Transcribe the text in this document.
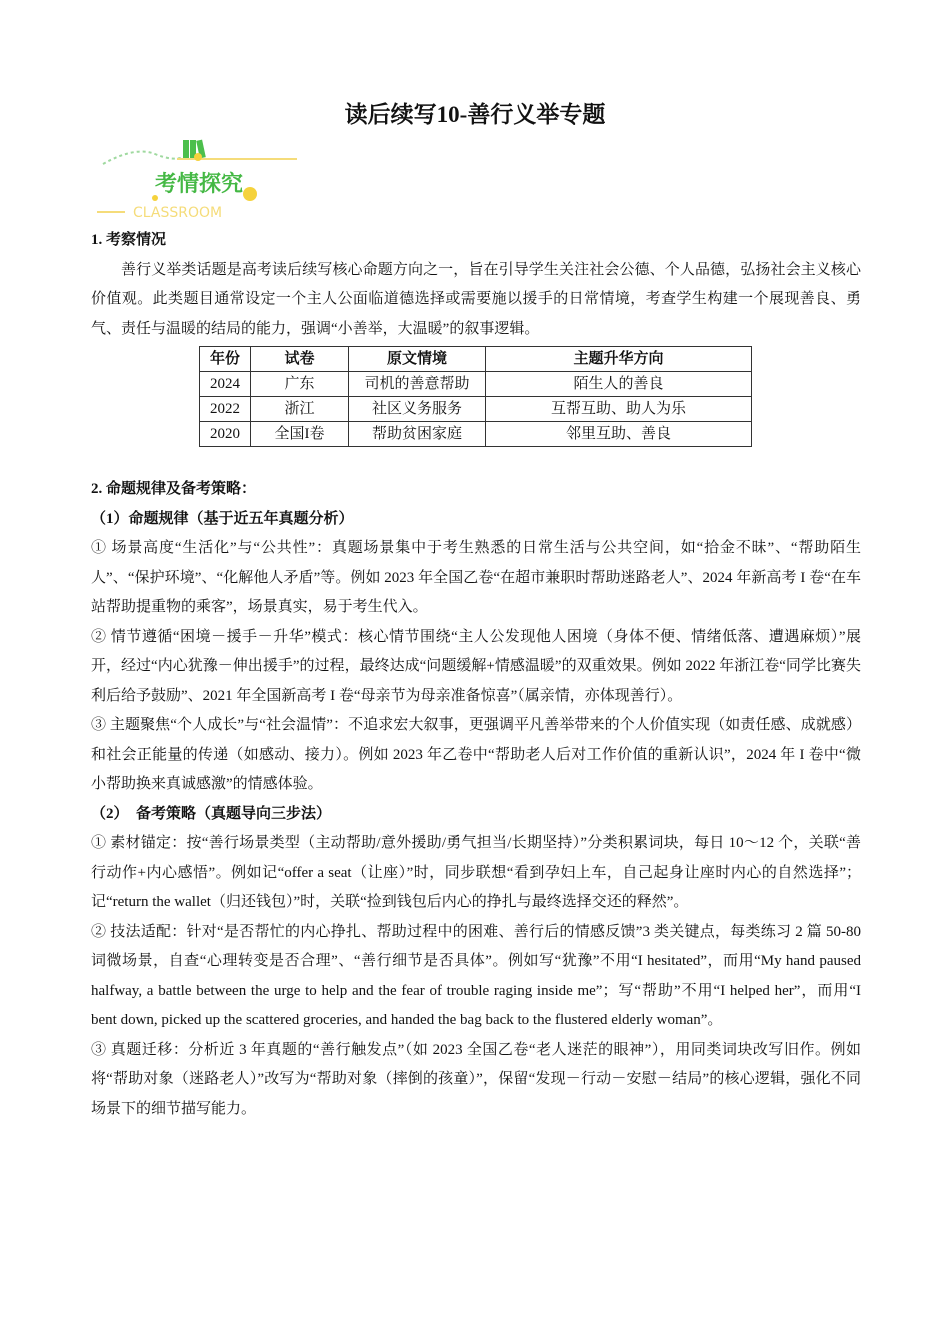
读后续写10-善行义举专题
考情探究
CLASSROOM

1. 考察情况

善行义举类话题是高考读后续写核心命题方向之一，旨在引导学生关注社会公德、个人品德，弘扬社会主义核心价值观。此类题目通常设定一个主人公面临道德选择或需要施以援手的日常情境，考查学生构建一个展现善良、勇气、责任与温暖的结局的能力，强调“小善举，大温暖”的叙事逻辑。

年份	试卷	原文情境	主题升华方向
2024	广东	司机的善意帮助	陌生人的善良
2022	浙江	社区义务服务	互帮互助、助人为乐
2020	全国I卷	帮助贫困家庭	邻里互助、善良

2. 命题规律及备考策略：

（1）命题规律（基于近五年真题分析）

① 场景高度“生活化”与“公共性”：真题场景集中于考生熟悉的日常生活与公共空间，如“拾金不昧”、“帮助陌生人”、“保护环境”、“化解他人矛盾”等。例如 2023 年全国乙卷“在超市兼职时帮助迷路老人”、2024 年新高考 I 卷“在车站帮助提重物的乘客”，场景真实，易于考生代入。

② 情节遵循“困境－援手－升华”模式：核心情节围绕“主人公发现他人困境（身体不便、情绪低落、遭遇麻烦）”展开，经过“内心犹豫－伸出援手”的过程，最终达成“问题缓解+情感温暖”的双重效果。例如 2022 年浙江卷“同学比赛失利后给予鼓励”、2021 年全国新高考 I 卷“母亲节为母亲准备惊喜”（属亲情，亦体现善行）。

③ 主题聚焦“个人成长”与“社会温情”：不追求宏大叙事，更强调平凡善举带来的个人价值实现（如责任感、成就感）和社会正能量的传递（如感动、接力）。例如 2023 年乙卷中“帮助老人后对工作价值的重新认识”，2024 年 I 卷中“微小帮助换来真诚感激”的情感体验。

（2）　备考策略（真题导向三步法）

① 素材锚定：按“善行场景类型（主动帮助/意外援助/勇气担当/长期坚持）”分类积累词块，每日 10～12 个，关联“善行动作+内心感悟”。例如记“offer a seat（让座）”时，同步联想“看到孕妇上车，自己起身让座时内心的自然选择”；记“return the wallet（归还钱包）”时，关联“捡到钱包后内心的挣扎与最终选择交还的释然”。

② 技法适配：针对“是否帮忙的内心挣扎、帮助过程中的困难、善行后的情感反馈”3 类关键点，每类练习 2 篇 50-80 词微场景，自查“心理转变是否合理”、“善行细节是否具体”。例如写“犹豫”不用“I hesitated”，而用“My hand paused halfway, a battle between the urge to help and the fear of trouble raging inside me”；写“帮助”不用“I helped her”，而用“I bent down, picked up the scattered groceries, and handed the bag back to the flustered elderly woman”。

③ 真题迁移：分析近 3 年真题的“善行触发点”（如 2023 全国乙卷“老人迷茫的眼神”），用同类词块改写旧作。例如将“帮助对象（迷路老人）”改写为“帮助对象（摔倒的孩童）”，保留“发现－行动－安慰－结局”的核心逻辑，强化不同场景下的细节描写能力。
